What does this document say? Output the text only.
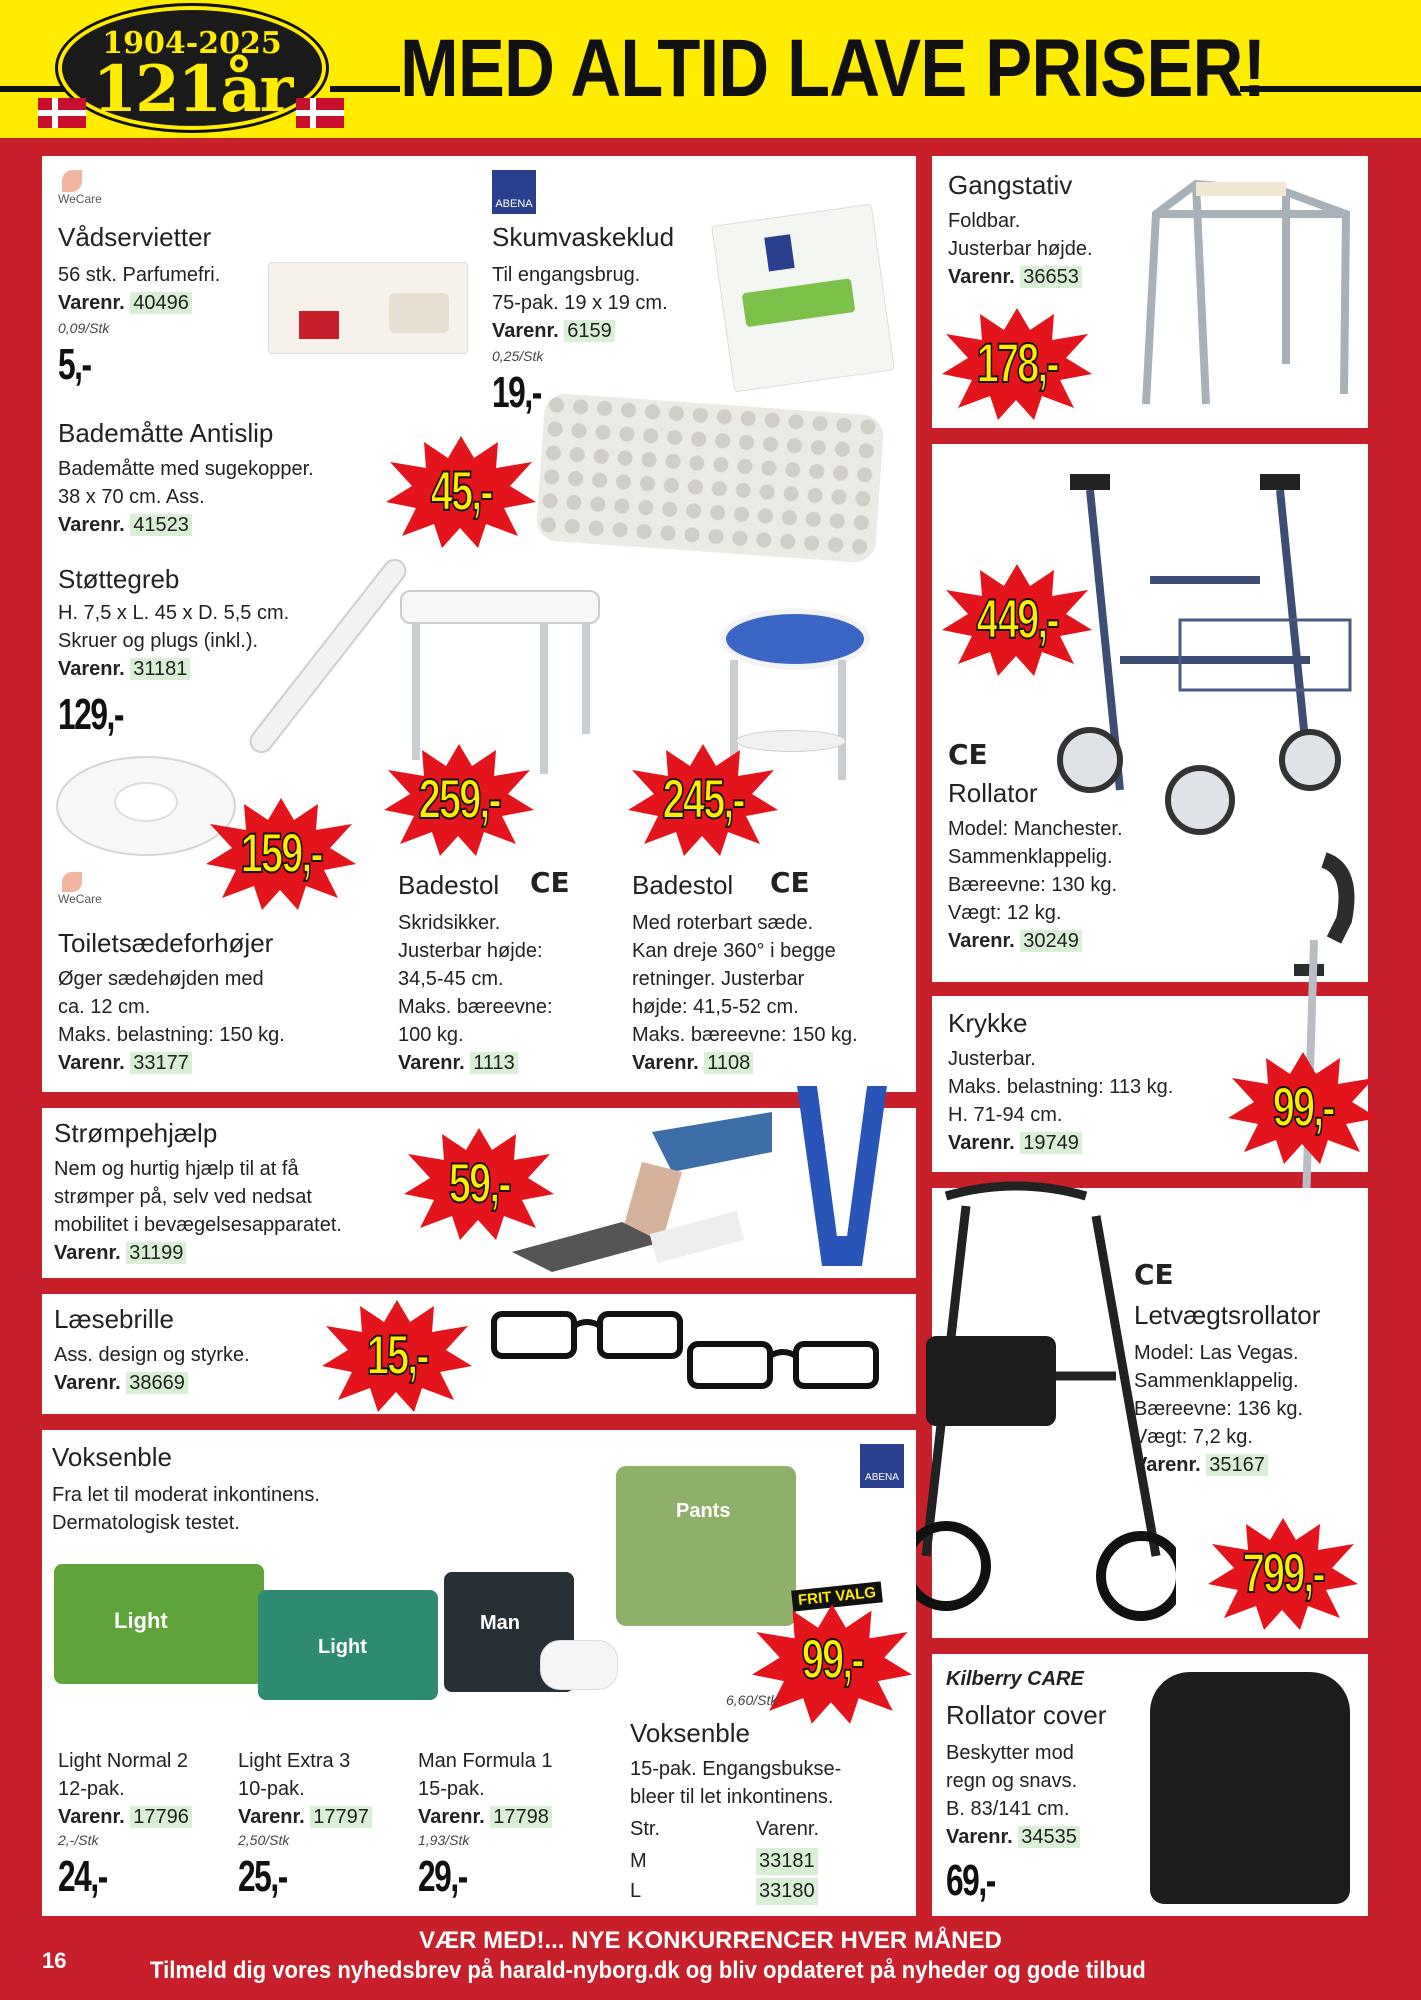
1904-2025
121år	MED ALTID LAVE PRISER!
WeCare
Vådservietter
56 stk. Parfumefri.
Varenr. 40496
0,09/Stk
5,-
ABENA
Skumvaskeklud
Til engangsbrug.
75-pak. 19 x 19 cm.
Varenr. 6159
0,25/Stk
19,-
Bademåtte Antislip
Bademåtte med sugekopper.
38 x 70 cm. Ass.
Varenr. 41523
45,-
Støttegreb
H. 7,5 x L. 45 x D. 5,5 cm.
Skruer og plugs (inkl.).
Varenr. 31181
129,-
159,-
WeCare
Toiletsædeforhøjer
Øger sædehøjden med
ca. 12 cm.
Maks. belastning: 150 kg.
Varenr. 33177
259,-
Badestol CE
Skridsikker.
Justerbar højde:
34,5-45 cm.
Maks. bæreevne:
100 kg.
Varenr. 1113
245,-
Badestol CE
Med roterbart sæde.
Kan dreje 360° i begge
retninger. Justerbar
højde: 41,5-52 cm.
Maks. bæreevne: 150 kg.
Varenr. 1108
Gangstativ
Foldbar.
Justerbar højde.
Varenr. 36653
178,-
449,-
CE
Rollator
Model: Manchester.
Sammenklappelig.
Bæreevne: 130 kg.
Vægt: 12 kg.
Varenr. 30249
Krykke
Justerbar.
Maks. belastning: 113 kg.
H. 71-94 cm.
Varenr. 19749
99,-
Strømpehjælp
Nem og hurtig hjælp til at få
strømper på, selv ved nedsat
mobilitet i bevægelsesapparatet.
Varenr. 31199
59,-
Læsebrille
Ass. design og styrke.
Varenr. 38669	15,-
CE
Letvægtsrollator
Model: Las Vegas.
Sammenklappelig.
Bæreevne: 136 kg.
Vægt: 7,2 kg.
Varenr. 35167
799,-
Voksenble
Fra let til moderat inkontinens.
Dermatologisk testet.
Light
Light
Man
Light Normal 2
12-pak.
Varenr. 17796
2,-/Stk
24,-
Light Extra 3
10-pak.
Varenr. 17797
2,50/Stk
25,-
Man Formula 1
15-pak.
Varenr. 17798
1,93/Stk
29,-
ABENA
Pants
FRIT VALG
99,-
6,60/Stk
Voksenble
15-pak. Engangsbukse-
bleer til let inkontinens.
Str.	Varenr.
M	33181
L	33180
Kilberry CARE
Rollator cover
Beskytter mod
regn og snavs.
B. 83/141 cm.
Varenr. 34535
69,-
VÆR MED!... NYE KONKURRENCER HVER MÅNED
Tilmeld dig vores nyhedsbrev på harald-nyborg.dk og bliv opdateret på nyheder og gode tilbud
16
